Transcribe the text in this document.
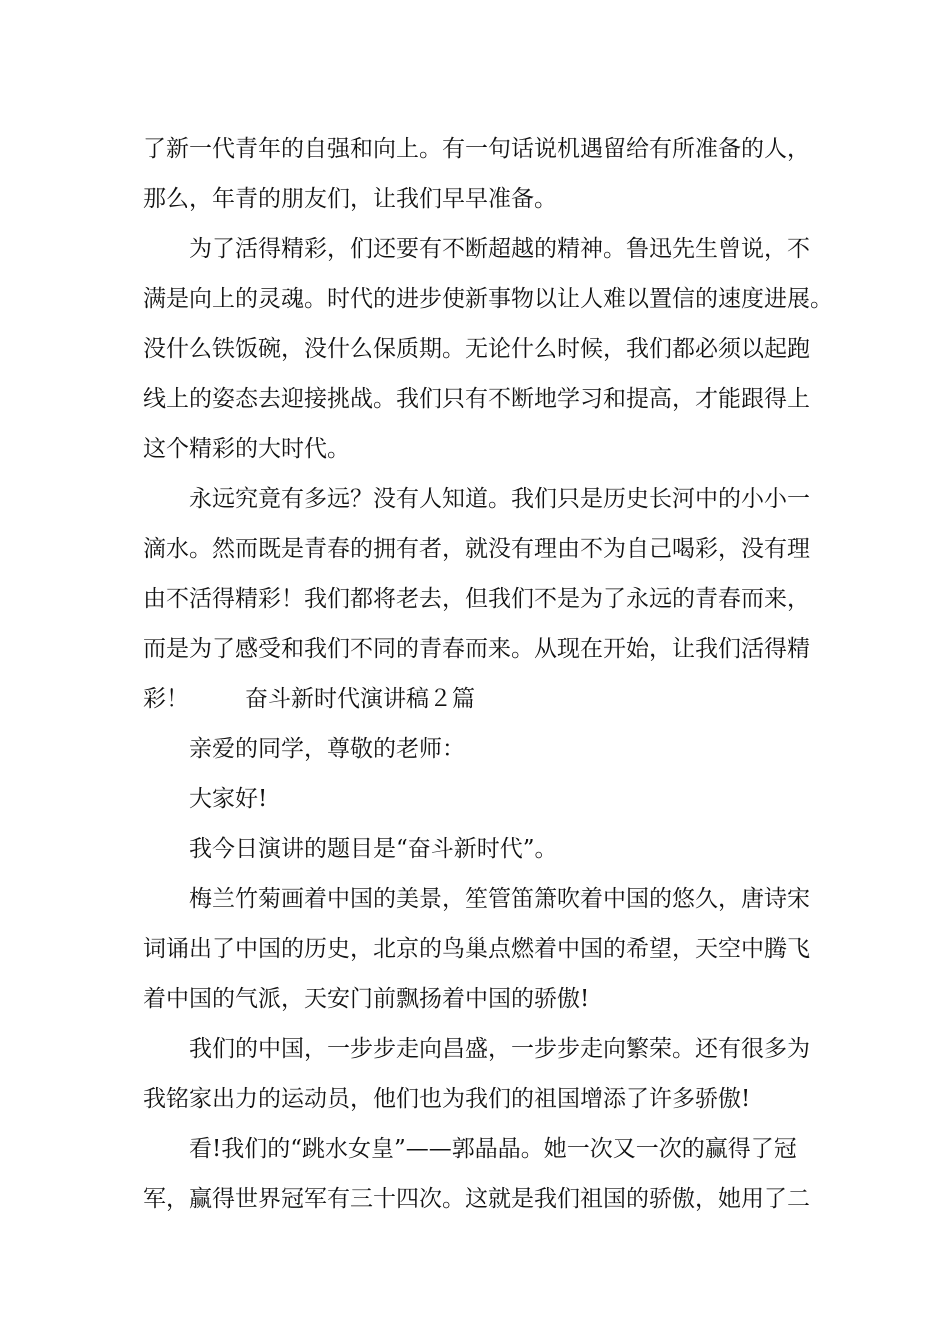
了新一代青年的自强和向上。有一句话说机遇留给有所准备的人，
那么，年青的朋友们，让我们早早准备。
为了活得精彩，们还要有不断超越的精神。鲁迅先生曾说，不
满是向上的灵魂。时代的进步使新事物以让人难以置信的速度进展。
没什么铁饭碗，没什么保质期。无论什么时候，我们都必须以起跑
线上的姿态去迎接挑战。我们只有不断地学习和提高，才能跟得上
这个精彩的大时代。
永远究竟有多远？没有人知道。我们只是历史长河中的小小一
滴水。然而既是青春的拥有者，就没有理由不为自己喝彩，没有理
由不活得精彩！我们都将老去，但我们不是为了永远的青春而来，
而是为了感受和我们不同的青春而来。从现在开始，让我们活得精
彩！ 奋斗新时代演讲稿２篇
亲爱的同学，尊敬的老师：
大家好!
我今日演讲的题目是“奋斗新时代”。
梅兰竹菊画着中国的美景，笙管笛箫吹着中国的悠久，唐诗宋
词诵出了中国的历史，北京的鸟巢点燃着中国的希望，天空中腾飞
着中国的气派，天安门前飘扬着中国的骄傲!
我们的中国，一步步走向昌盛，一步步走向繁荣。还有很多为
我铭家出力的运动员，他们也为我们的祖国增添了许多骄傲!
看!我们的“跳水女皇”——郭晶晶。她一次又一次的赢得了冠
军，赢得世界冠军有三十四次。这就是我们祖国的骄傲，她用了二
